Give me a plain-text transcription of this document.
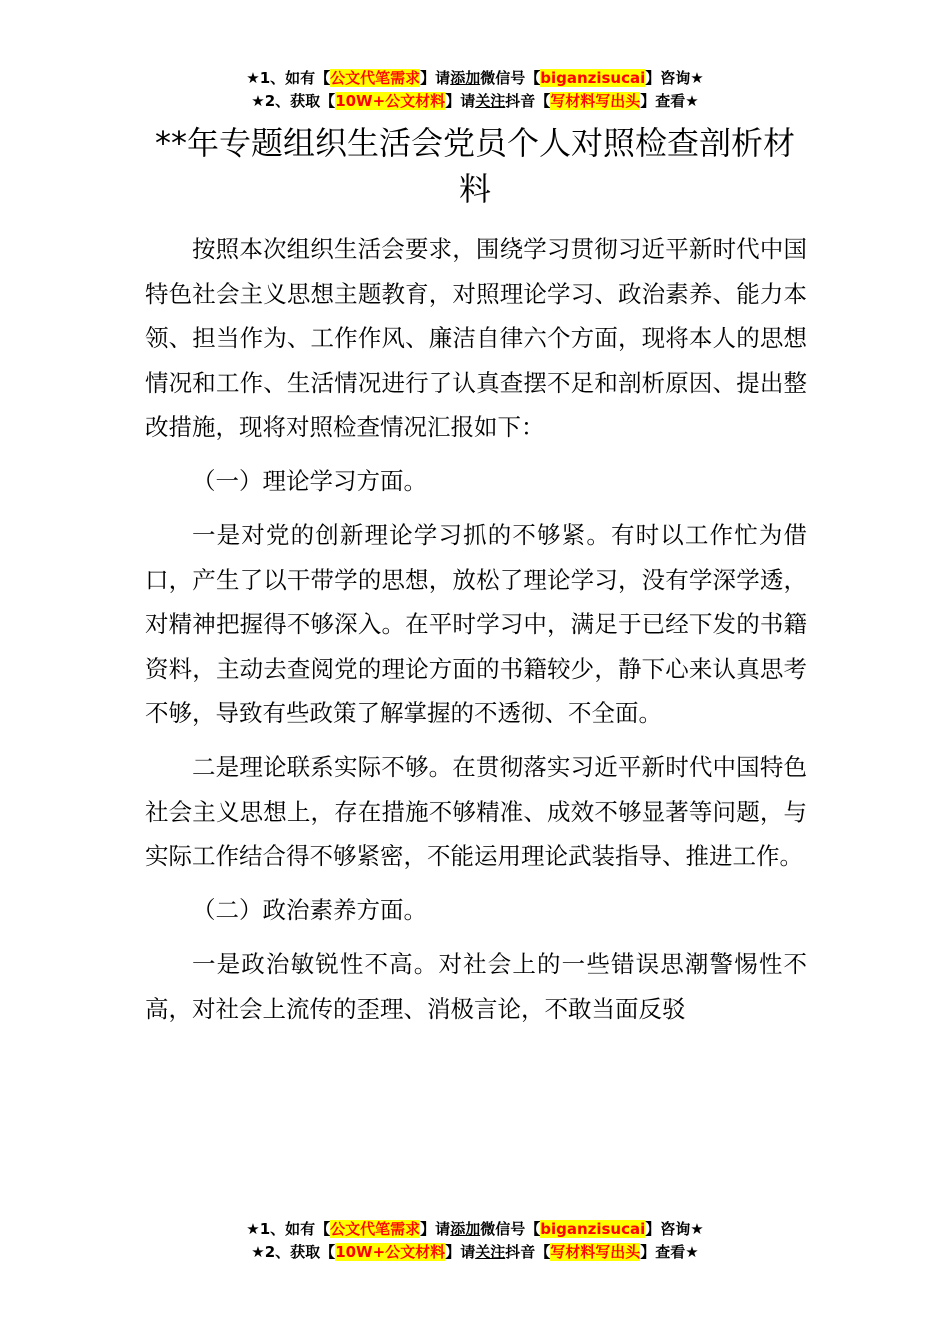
★1、如有【公文代笔需求】请添加微信号【biganzisucai】咨询★
★2、获取【10W+公文材料】请关注抖音【写材料写出头】查看★
**年专题组织生活会党员个人对照检查剖析材料

按照本次组织生活会要求，围绕学习贯彻习近平新时代中国特色社会主义思想主题教育，对照理论学习、政治素养、能力本领、担当作为、工作作风、廉洁自律六个方面，现将本人的思想情况和工作、生活情况进行了认真查摆不足和剖析原因、提出整改措施，现将对照检查情况汇报如下：

（一）理论学习方面。

一是对党的创新理论学习抓的不够紧。有时以工作忙为借口，产生了以干带学的思想，放松了理论学习，没有学深学透，对精神把握得不够深入。在平时学习中，满足于已经下发的书籍资料，主动去查阅党的理论方面的书籍较少，静下心来认真思考不够，导致有些政策了解掌握的不透彻、不全面。

二是理论联系实际不够。在贯彻落实习近平新时代中国特色社会主义思想上，存在措施不够精准、成效不够显著等问题，与实际工作结合得不够紧密，不能运用理论武装指导、推进工作。

（二）政治素养方面。

一是政治敏锐性不高。对社会上的一些错误思潮警惕性不高，对社会上流传的歪理、消极言论，不敢当面反驳

★1、如有【公文代笔需求】请添加微信号【biganzisucai】咨询★
★2、获取【10W+公文材料】请关注抖音【写材料写出头】查看★
